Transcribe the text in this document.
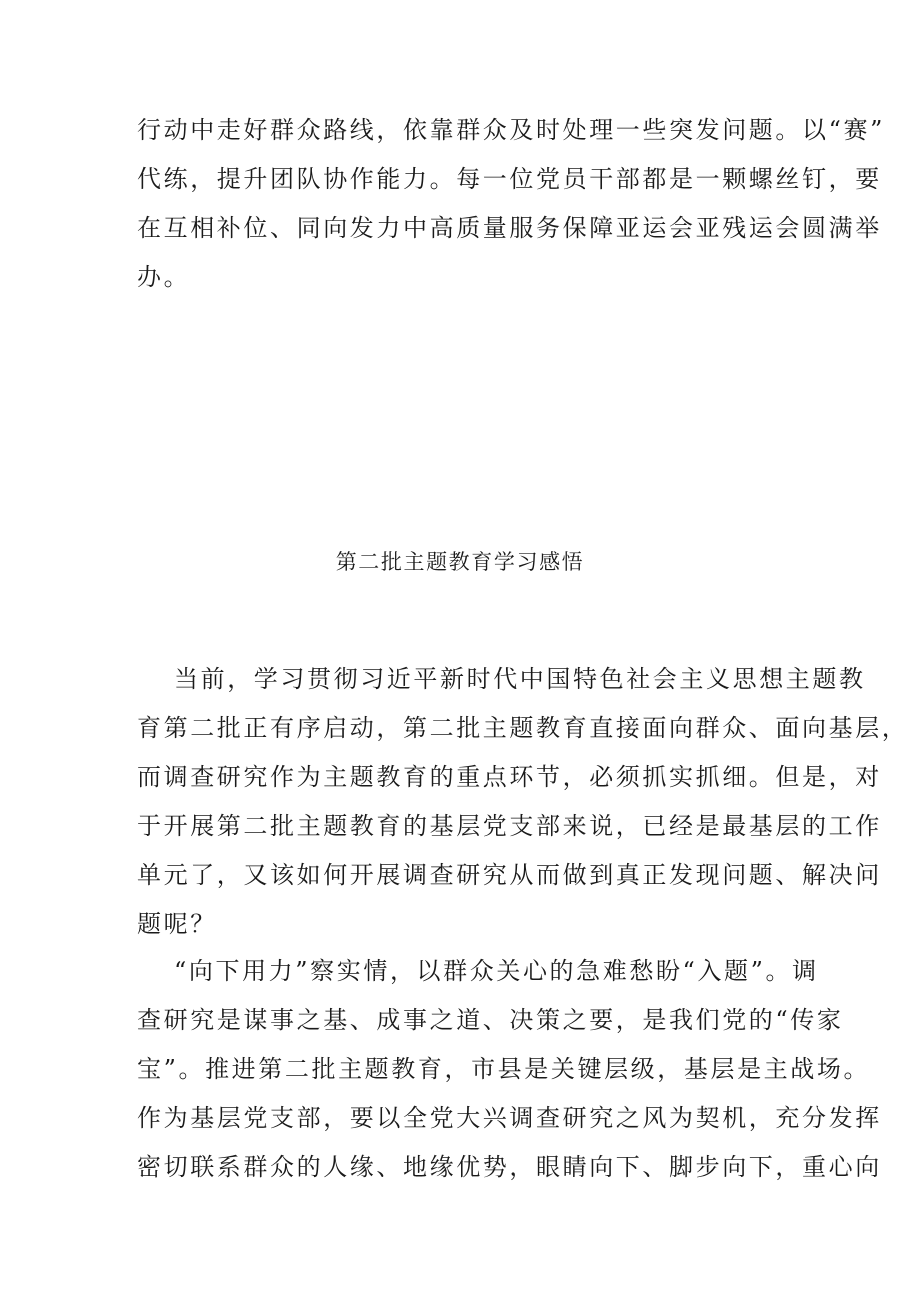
行动中走好群众路线，依靠群众及时处理一些突发问题。以“赛”
代练，提升团队协作能力。每一位党员干部都是一颗螺丝钉，要
在互相补位、同向发力中高质量服务保障亚运会亚残运会圆满举
办。
第二批主题教育学习感悟
当前，学习贯彻习近平新时代中国特色社会主义思想主题教
育第二批正有序启动，第二批主题教育直接面向群众、面向基层，
而调查研究作为主题教育的重点环节，必须抓实抓细。但是，对
于开展第二批主题教育的基层党支部来说，已经是最基层的工作
单元了，又该如何开展调查研究从而做到真正发现问题、解决问
题呢？
“向下用力”察实情，以群众关心的急难愁盼“入题”。调
查研究是谋事之基、成事之道、决策之要，是我们党的“传家
宝”。推进第二批主题教育，市县是关键层级，基层是主战场。
作为基层党支部，要以全党大兴调查研究之风为契机，充分发挥
密切联系群众的人缘、地缘优势，眼睛向下、脚步向下，重心向
